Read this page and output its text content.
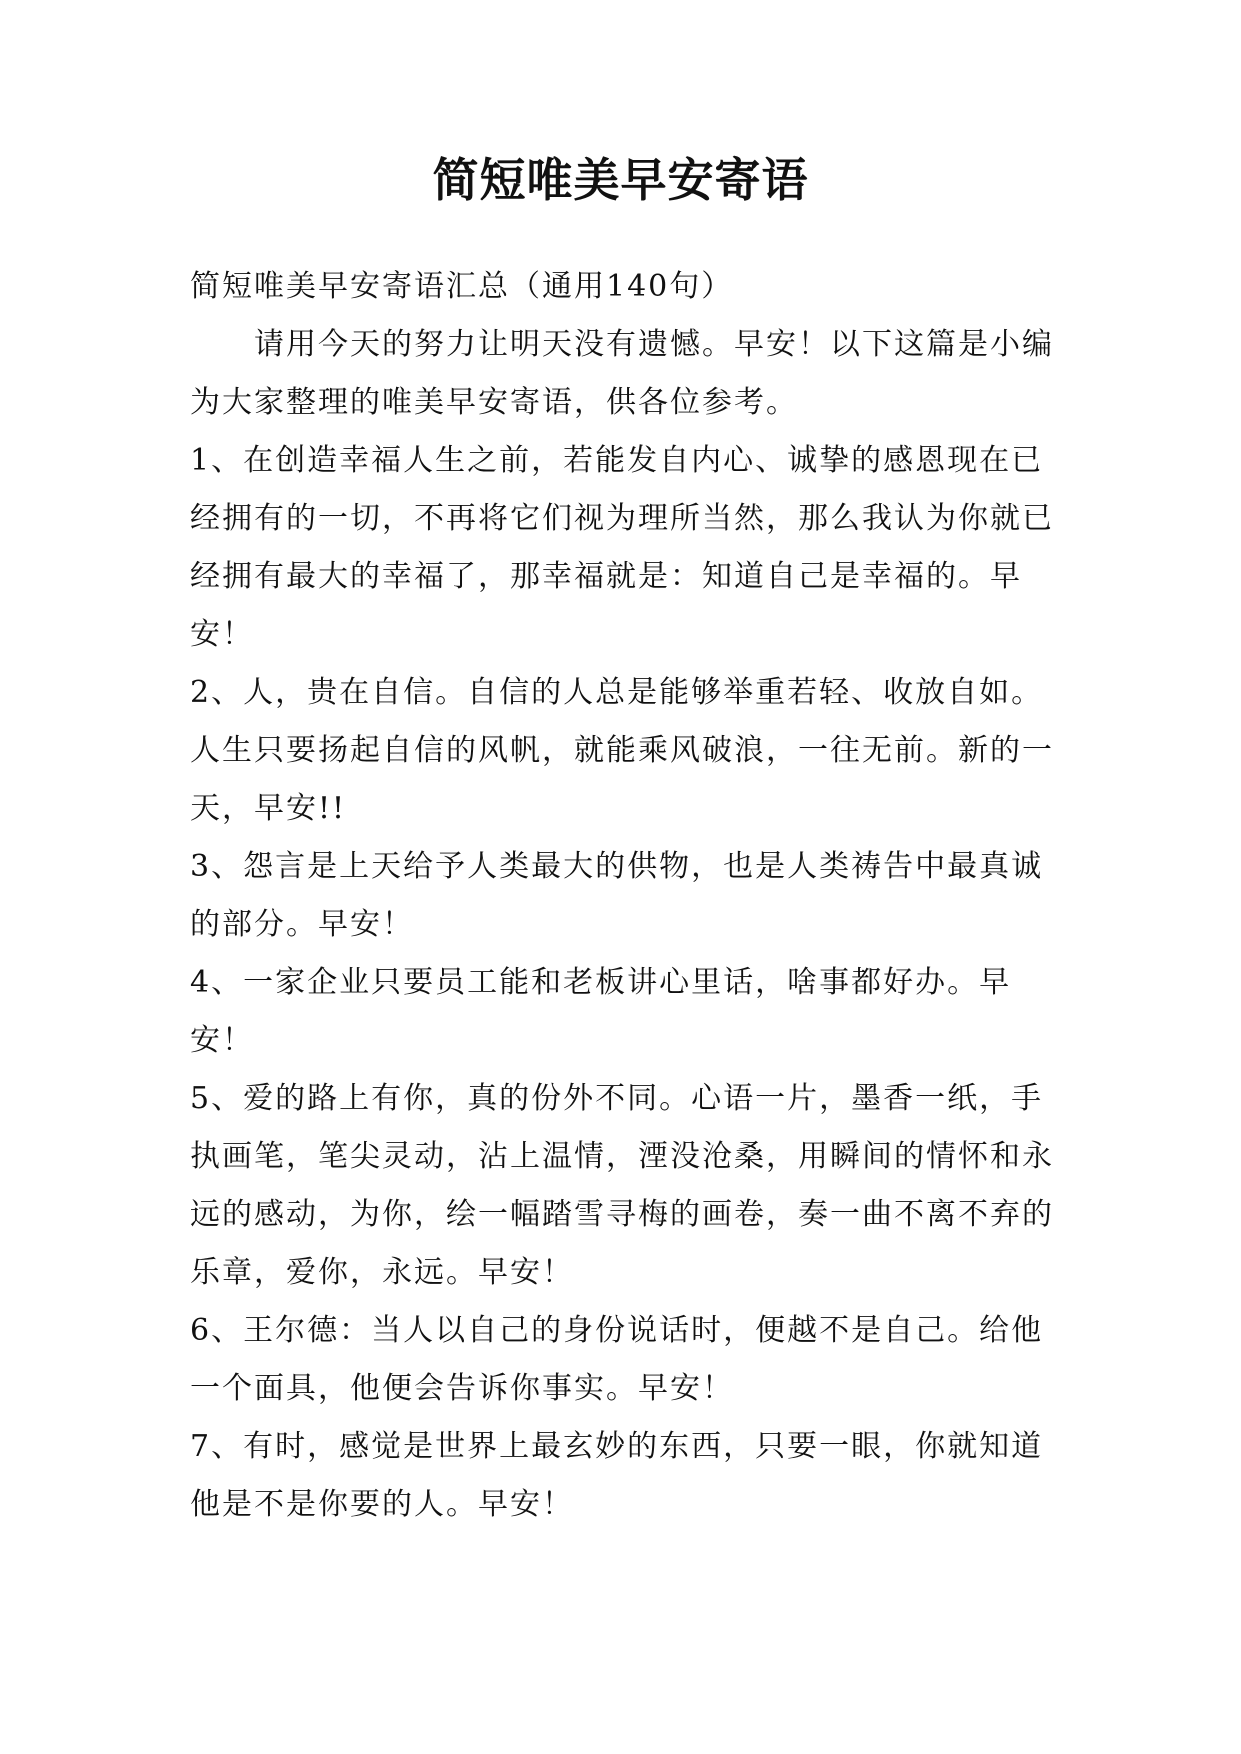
简短唯美早安寄语

简短唯美早安寄语汇总（通用140句）

请用今天的努力让明天没有遗憾。早安！以下这篇是小编为大家整理的唯美早安寄语，供各位参考。

1、在创造幸福人生之前，若能发自内心、诚挚的感恩现在已经拥有的一切，不再将它们视为理所当然，那么我认为你就已经拥有最大的幸福了，那幸福就是：知道自己是幸福的。早安！

2、人，贵在自信。自信的人总是能够举重若轻、收放自如。人生只要扬起自信的风帆，就能乘风破浪，一往无前。新的一天，早安!!

3、怨言是上天给予人类最大的供物，也是人类祷告中最真诚的部分。早安！

4、一家企业只要员工能和老板讲心里话，啥事都好办。早安！

5、爱的路上有你，真的份外不同。心语一片，墨香一纸，手执画笔，笔尖灵动，沾上温情，湮没沧桑，用瞬间的情怀和永远的感动，为你，绘一幅踏雪寻梅的画卷，奏一曲不离不弃的乐章，爱你，永远。早安！

6、王尔德：当人以自己的身份说话时，便越不是自己。给他一个面具，他便会告诉你事实。早安！

7、有时，感觉是世界上最玄妙的东西，只要一眼，你就知道他是不是你要的人。早安！
